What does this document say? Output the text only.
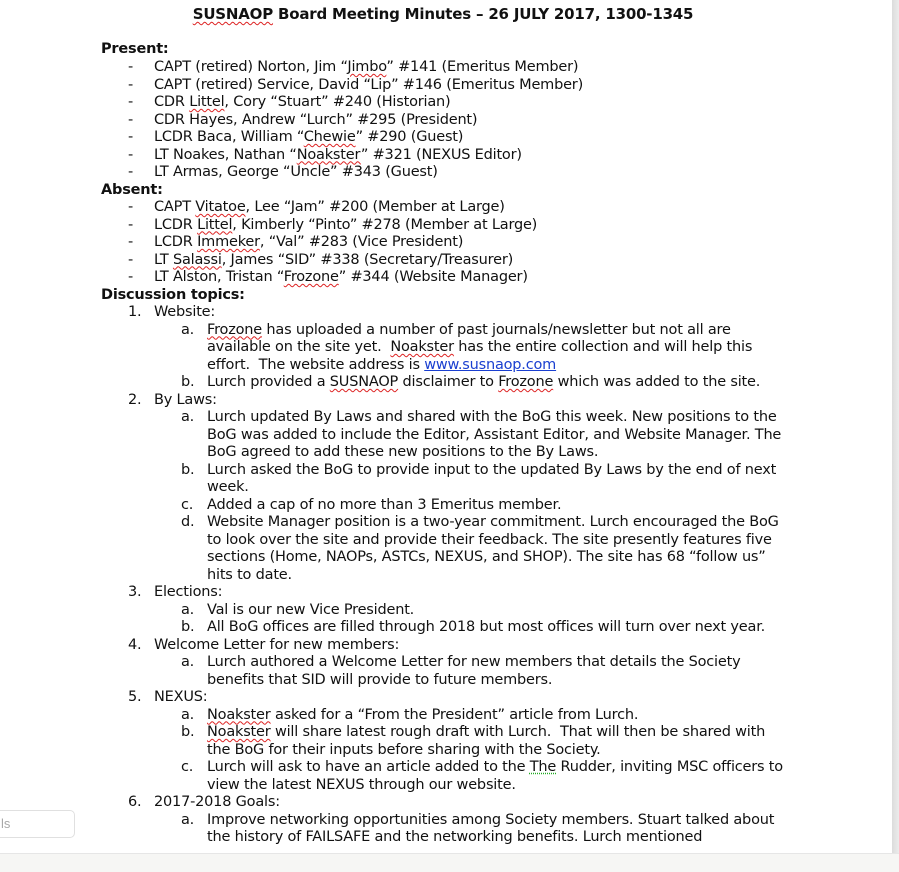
SUSNAOP Board Meeting Minutes – 26 JULY 2017, 1300-1345
Present:
- CAPT (retired) Norton, Jim “Jimbo” #141 (Emeritus Member)
- CAPT (retired) Service, David “Lip” #146 (Emeritus Member)
- CDR Littel, Cory “Stuart” #240 (Historian)
- CDR Hayes, Andrew “Lurch” #295 (President)
- LCDR Baca, William “Chewie” #290 (Guest)
- LT Noakes, Nathan “Noakster” #321 (NEXUS Editor)
- LT Armas, George “Uncle” #343 (Guest)
Absent:
- CAPT Vitatoe, Lee “Jam” #200 (Member at Large)
- LCDR Littel, Kimberly “Pinto” #278 (Member at Large)
- LCDR Immeker, “Val” #283 (Vice President)
- LT Salassi, James “SID” #338 (Secretary/Treasurer)
- LT Alston, Tristan “Frozone” #344 (Website Manager)
Discussion topics:
1. Website:
a. Frozone has uploaded a number of past journals/newsletter but not all are available on the site yet.  Noakster has the entire collection and will help this effort.  The website address is www.susnaop.com
b. Lurch provided a SUSNAOP disclaimer to Frozone which was added to the site.
2. By Laws:
a. Lurch updated By Laws and shared with the BoG this week. New positions to the BoG was added to include the Editor, Assistant Editor, and Website Manager. The BoG agreed to add these new positions to the By Laws.
b. Lurch asked the BoG to provide input to the updated By Laws by the end of next week.
c. Added a cap of no more than 3 Emeritus member.
d. Website Manager position is a two-year commitment. Lurch encouraged the BoG to look over the site and provide their feedback. The site presently features five sections (Home, NAOPs, ASTCs, NEXUS, and SHOP). The site has 68 “follow us” hits to date.
3. Elections:
a. Val is our new Vice President.
b. All BoG offices are filled through 2018 but most offices will turn over next year.
4. Welcome Letter for new members:
a. Lurch authored a Welcome Letter for new members that details the Society benefits that SID will provide to future members.
5. NEXUS:
a. Noakster asked for a “From the President” article from Lurch.
b. Noakster will share latest rough draft with Lurch.  That will then be shared with the BoG for their inputs before sharing with the Society.
c. Lurch will ask to have an article added to the The Rudder, inviting MSC officers to view the latest NEXUS through our website.
6. 2017-2018 Goals:
a. Improve networking opportunities among Society members. Stuart talked about the history of FAILSAFE and the networking benefits. Lurch mentioned
ls
